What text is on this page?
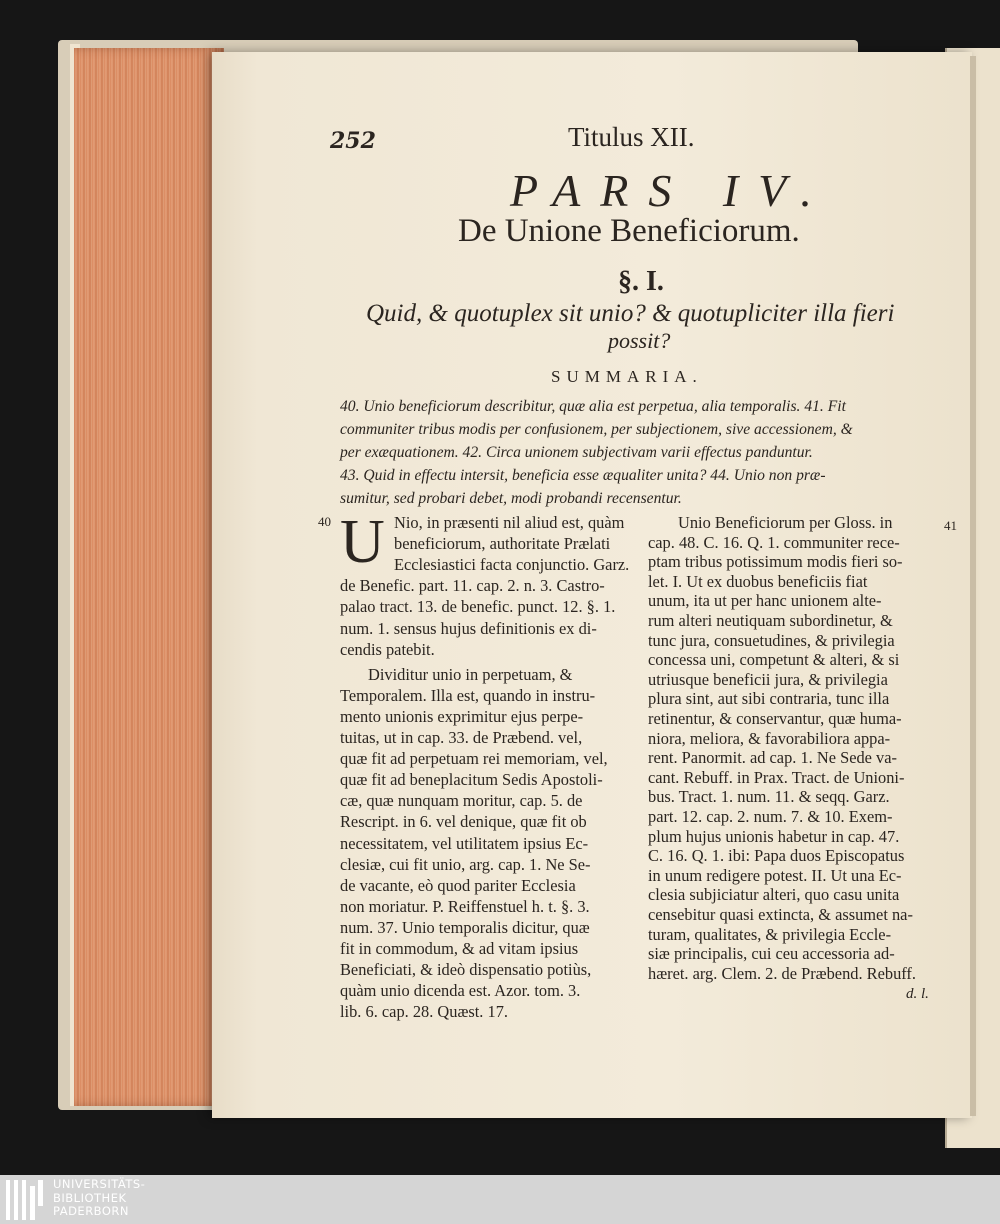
252	Titulus XII.
PARS IV.
De Unione Beneficiorum.
§. I.
Quid, & quotuplex sit unio? & quotupliciter illa fieri
possit?
SUMMARIA.
40. Unio beneficiorum describitur, quæ alia est perpetua, alia temporalis. 41. Fit
communiter tribus modis per confusionem, per subjectionem, sive accessionem, &
per exæquationem. 42. Circa unionem subjectivam varii effectus panduntur.
43. Quid in effectu intersit, beneficia esse æqualiter unita? 44. Unio non præ-
sumitur, sed probari debet, modi probandi recensentur.
40 U Nio, in præsenti nil aliud est, quàm
beneficiorum, authoritate Prælati
Ecclesiastici facta conjunctio. Garz.
de Benefic. part. 11. cap. 2. n. 3. Castro-
palao tract. 13. de benefic. punct. 12. §. 1.
num. 1. sensus hujus definitionis ex di-
cendis patebit.
Dividitur unio in perpetuam, &
Temporalem. Illa est, quando in instru-
mento unionis exprimitur ejus perpe-
tuitas, ut in cap. 33. de Præbend. vel,
quæ fit ad perpetuam rei memoriam, vel,
quæ fit ad beneplacitum Sedis Apostoli-
cæ, quæ nunquam moritur, cap. 5. de
Rescript. in 6. vel denique, quæ fit ob
necessitatem, vel utilitatem ipsius Ec-
clesiæ, cui fit unio, arg. cap. 1. Ne Se-
de vacante, eò quod pariter Ecclesia
non moriatur. P. Reiffenstuel h. t. §. 3.
num. 37. Unio temporalis dicitur, quæ
fit in commodum, & ad vitam ipsius
Beneficiati, & ideò dispensatio potiùs,
quàm unio dicenda est. Azor. tom. 3.
lib. 6. cap. 28. Quæst. 17.
41
Unio Beneficiorum per Gloss. in
cap. 48. C. 16. Q. 1. communiter rece-
ptam tribus potissimum modis fieri so-
let. I. Ut ex duobus beneficiis fiat
unum, ita ut per hanc unionem alte-
rum alteri neutiquam subordinetur, &
tunc jura, consuetudines, & privilegia
concessa uni, competunt & alteri, & si
utriusque beneficii jura, & privilegia
plura sint, aut sibi contraria, tunc illa
retinentur, & conservantur, quæ huma-
niora, meliora, & favorabiliora appa-
rent. Panormit. ad cap. 1. Ne Sede va-
cant. Rebuff. in Prax. Tract. de Unioni-
bus. Tract. 1. num. 11. & seqq. Garz.
part. 12. cap. 2. num. 7. & 10. Exem-
plum hujus unionis habetur in cap. 47.
C. 16. Q. 1. ibi: Papa duos Episcopatus
in unum redigere potest. II. Ut una Ec-
clesia subjiciatur alteri, quo casu unita
censebitur quasi extincta, & assumet na-
turam, qualitates, & privilegia Eccle-
siæ principalis, cui ceu accessoria ad-
hæret. arg. Clem. 2. de Præbend. Rebuff.
d. l.
UNIVERSITÄTS-
BIBLIOTHEK
PADERBORN
